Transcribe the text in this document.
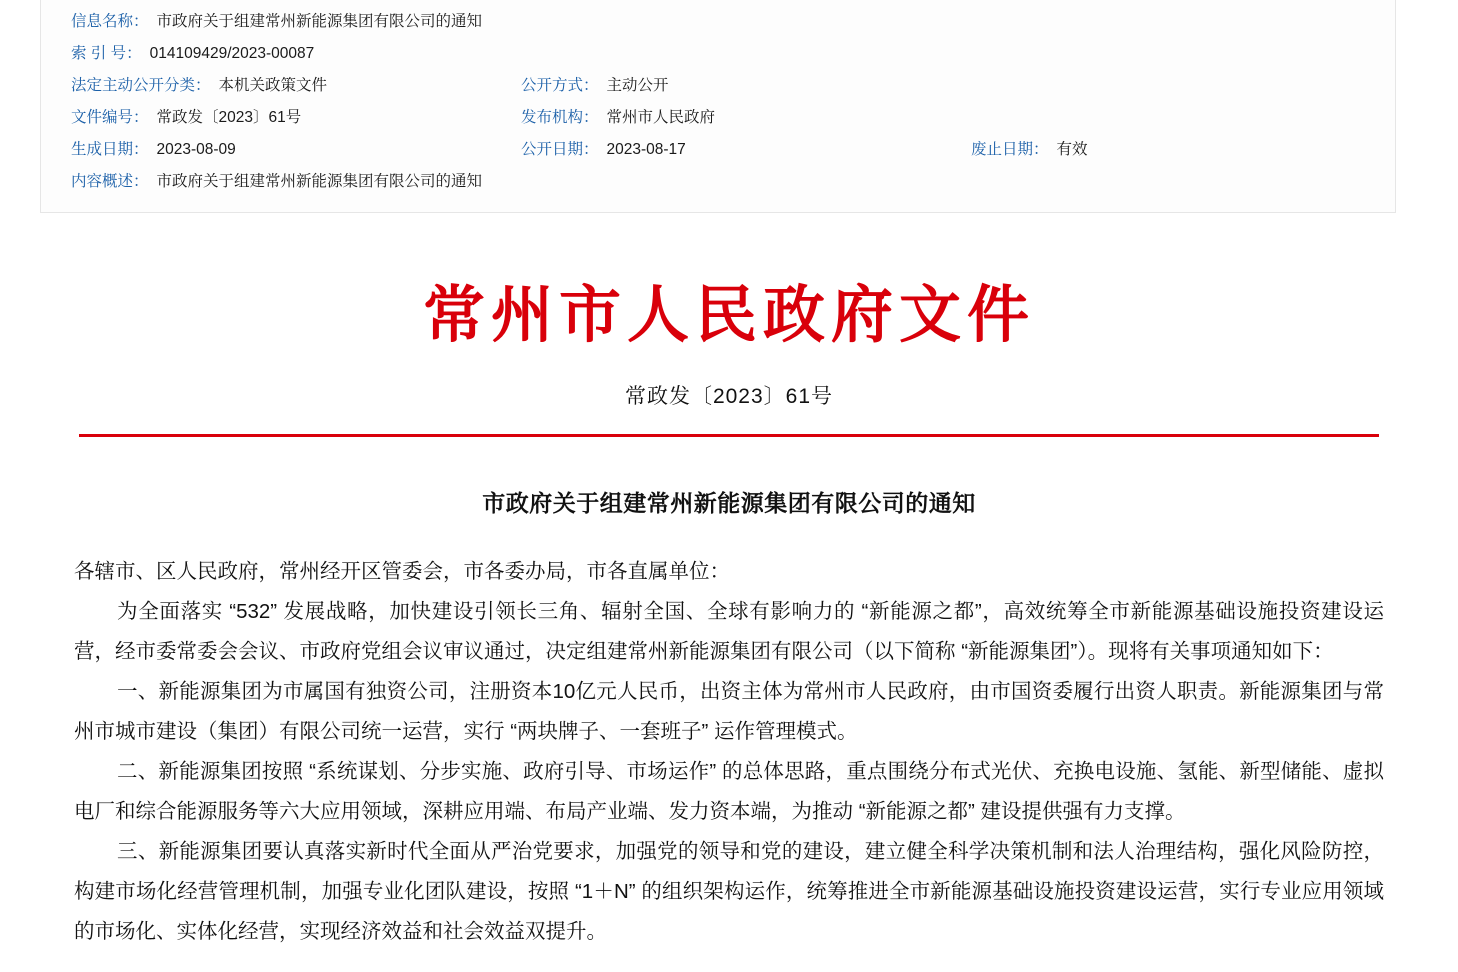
信息名称： 市政府关于组建常州新能源集团有限公司的通知
索 引 号： 014109429/2023-00087
法定主动公开分类： 本机关政策文件	公开方式： 主动公开
文件编号： 常政发〔2023〕61号	发布机构： 常州市人民政府
生成日期： 2023-08-09	公开日期： 2023-08-17	废止日期： 有效
内容概述： 市政府关于组建常州新能源集团有限公司的通知
常州市人民政府文件
常政发〔2023〕61号
市政府关于组建常州新能源集团有限公司的通知

各辖市、区人民政府，常州经开区管委会，市各委办局，市各直属单位：

为全面落实 “532” 发展战略，加快建设引领长三角、辐射全国、全球有影响力的 “新能源之都”，高效统筹全市新能源基础设施投资建设运营，经市委常委会会议、市政府党组会议审议通过，决定组建常州新能源集团有限公司（以下简称 “新能源集团”）。现将有关事项通知如下：

一、新能源集团为市属国有独资公司，注册资本10亿元人民币，出资主体为常州市人民政府，由市国资委履行出资人职责。新能源集团与常州市城市建设（集团）有限公司统一运营，实行 “两块牌子、一套班子” 运作管理模式。

二、新能源集团按照 “系统谋划、分步实施、政府引导、市场运作” 的总体思路，重点围绕分布式光伏、充换电设施、氢能、新型储能、虚拟电厂和综合能源服务等六大应用领域，深耕应用端、布局产业端、发力资本端，为推动 “新能源之都” 建设提供强有力支撑。

三、新能源集团要认真落实新时代全面从严治党要求，加强党的领导和党的建设，建立健全科学决策机制和法人治理结构，强化风险防控，构建市场化经营管理机制，加强专业化团队建设，按照 “1＋N” 的组织架构运作，统筹推进全市新能源基础设施投资建设运营，实行专业应用领域的市场化、实体化经营，实现经济效益和社会效益双提升。
